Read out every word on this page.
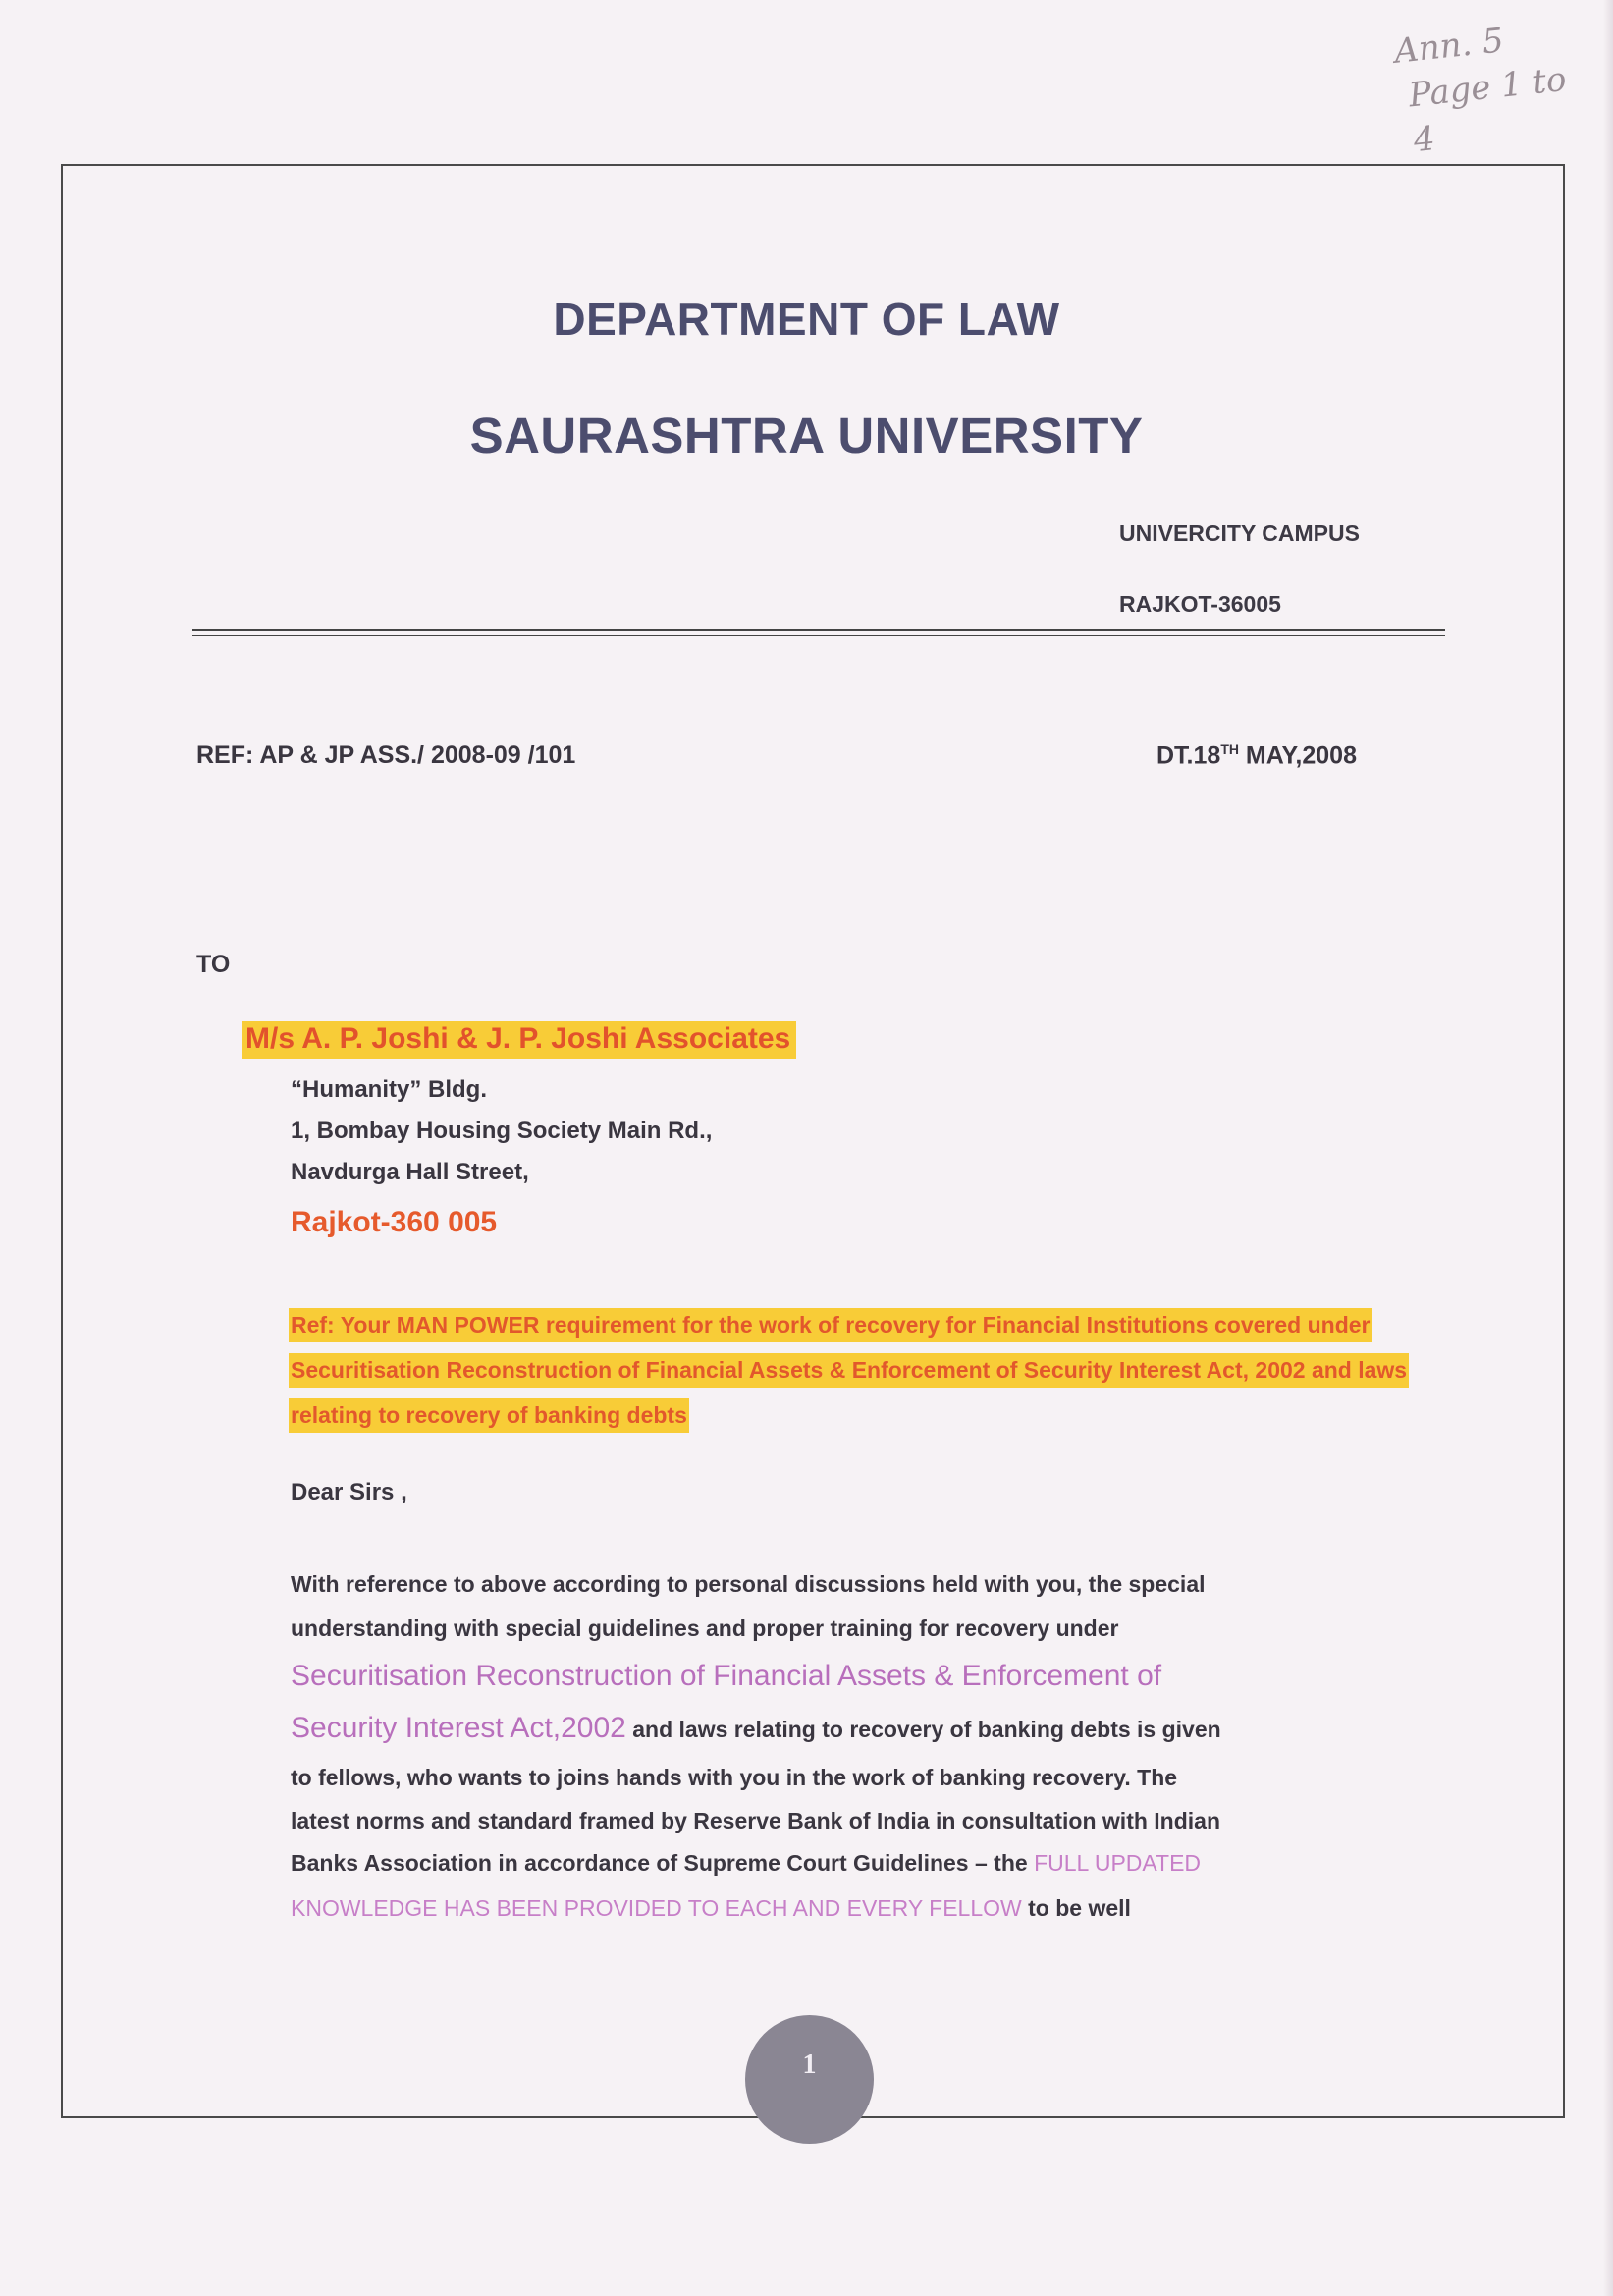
Ann. 5
Page 1 to 4
DEPARTMENT OF LAW
SAURASHTRA UNIVERSITY
UNIVERCITY CAMPUS
RAJKOT-36005
REF: AP & JP ASS./ 2008-09 /101	DT.18TH MAY,2008
TO
M/s A. P. Joshi & J. P. Joshi Associates
“Humanity” Bldg.
1, Bombay Housing Society Main Rd.,
Navdurga Hall Street,
Rajkot-360 005
Ref: Your MAN POWER requirement for the work of recovery for Financial Institutions covered under Securitisation Reconstruction of Financial Assets & Enforcement of Security Interest Act, 2002 and laws relating to recovery of banking debts
Dear Sirs ,
With reference to above according to personal discussions held with you, the special
understanding with special guidelines and proper training for recovery under
Securitisation Reconstruction of Financial Assets & Enforcement of
Security Interest Act,2002 and laws relating to recovery of banking debts is given
to fellows, who wants to joins hands with you in the work of banking recovery. The
latest norms and standard framed by Reserve Bank of India in consultation with Indian
Banks Association in accordance of Supreme Court Guidelines – the FULL UPDATED
KNOWLEDGE HAS BEEN PROVIDED TO EACH AND EVERY FELLOW to be well
1
